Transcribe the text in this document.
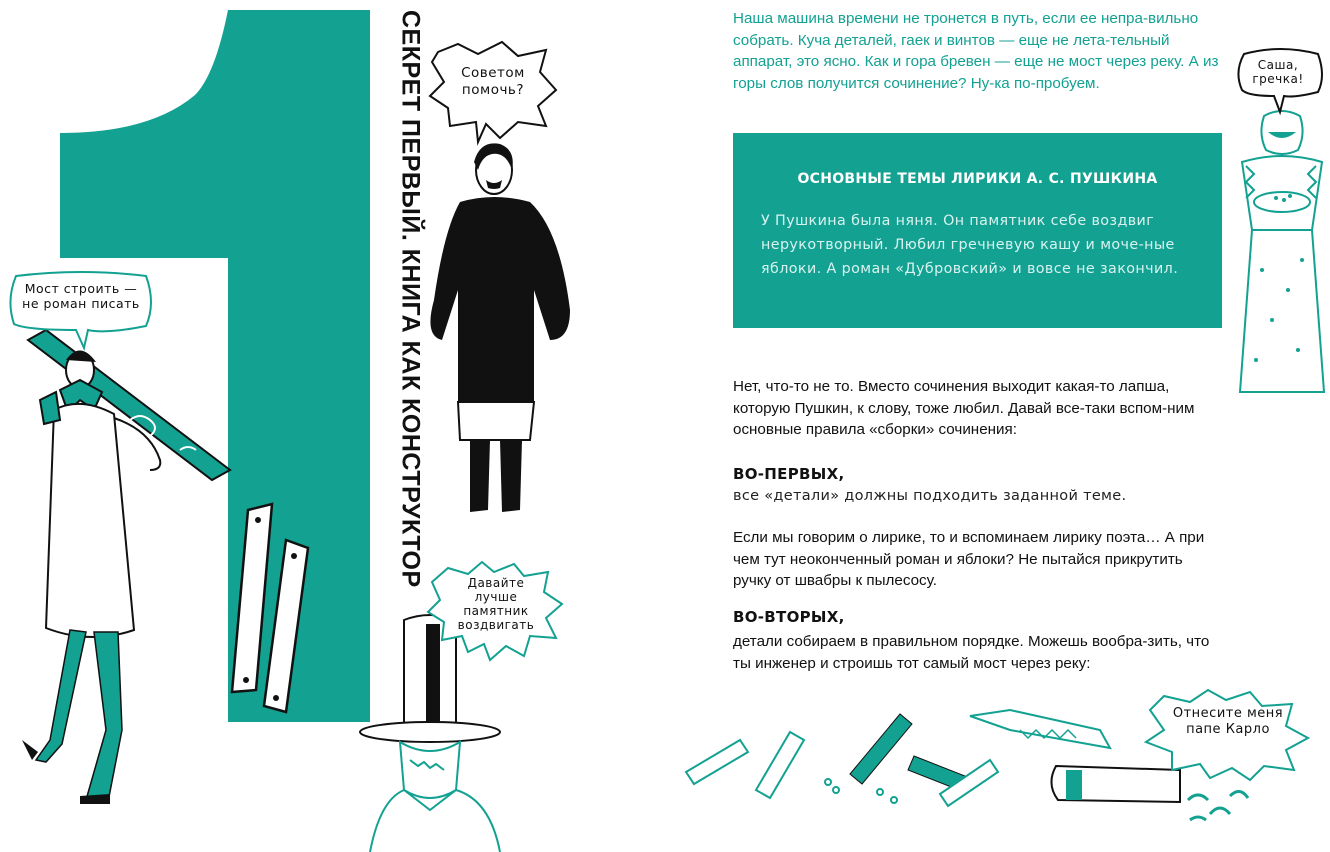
СЕКРЕТ ПЕРВЫЙ. КНИГА КАК КОНСТРУКТОР
Мост строить — не роман писать
Советом помочь?
Давайте лучше памятник воздвигать
Наша машина времени не тронется в путь, если ее непра-вильно собрать. Куча деталей, гаек и винтов — еще не лета-тельный аппарат, это ясно. Как и гора бревен — еще не мост через реку. А из горы слов получится сочинение? Ну-ка по-пробуем.
ОСНОВНЫЕ ТЕМЫ ЛИРИКИ А. С. ПУШКИНА
У Пушкина была няня. Он памятник себе воздвиг нерукотворный. Любил гречневую кашу и моче-ные яблоки. А роман «Дубровский» и вовсе не закончил.
Нет, что-то не то. Вместо сочинения выходит какая-то лапша, которую Пушкин, к слову, тоже любил. Давай все-таки вспом-ним основные правила «сборки» сочинения:
ВО-ПЕРВЫХ,
все «детали» должны подходить заданной теме.
Если мы говорим о лирике, то и вспоминаем лирику поэта… А при чем тут неоконченный роман и яблоки? Не пытайся прикрутить ручку от швабры к пылесосу.
ВО-ВТОРЫХ,
детали собираем в правильном порядке. Можешь вообра-зить, что ты инженер и строишь тот самый мост через реку:
Саша, гречка!
Отнесите меня папе Карло
